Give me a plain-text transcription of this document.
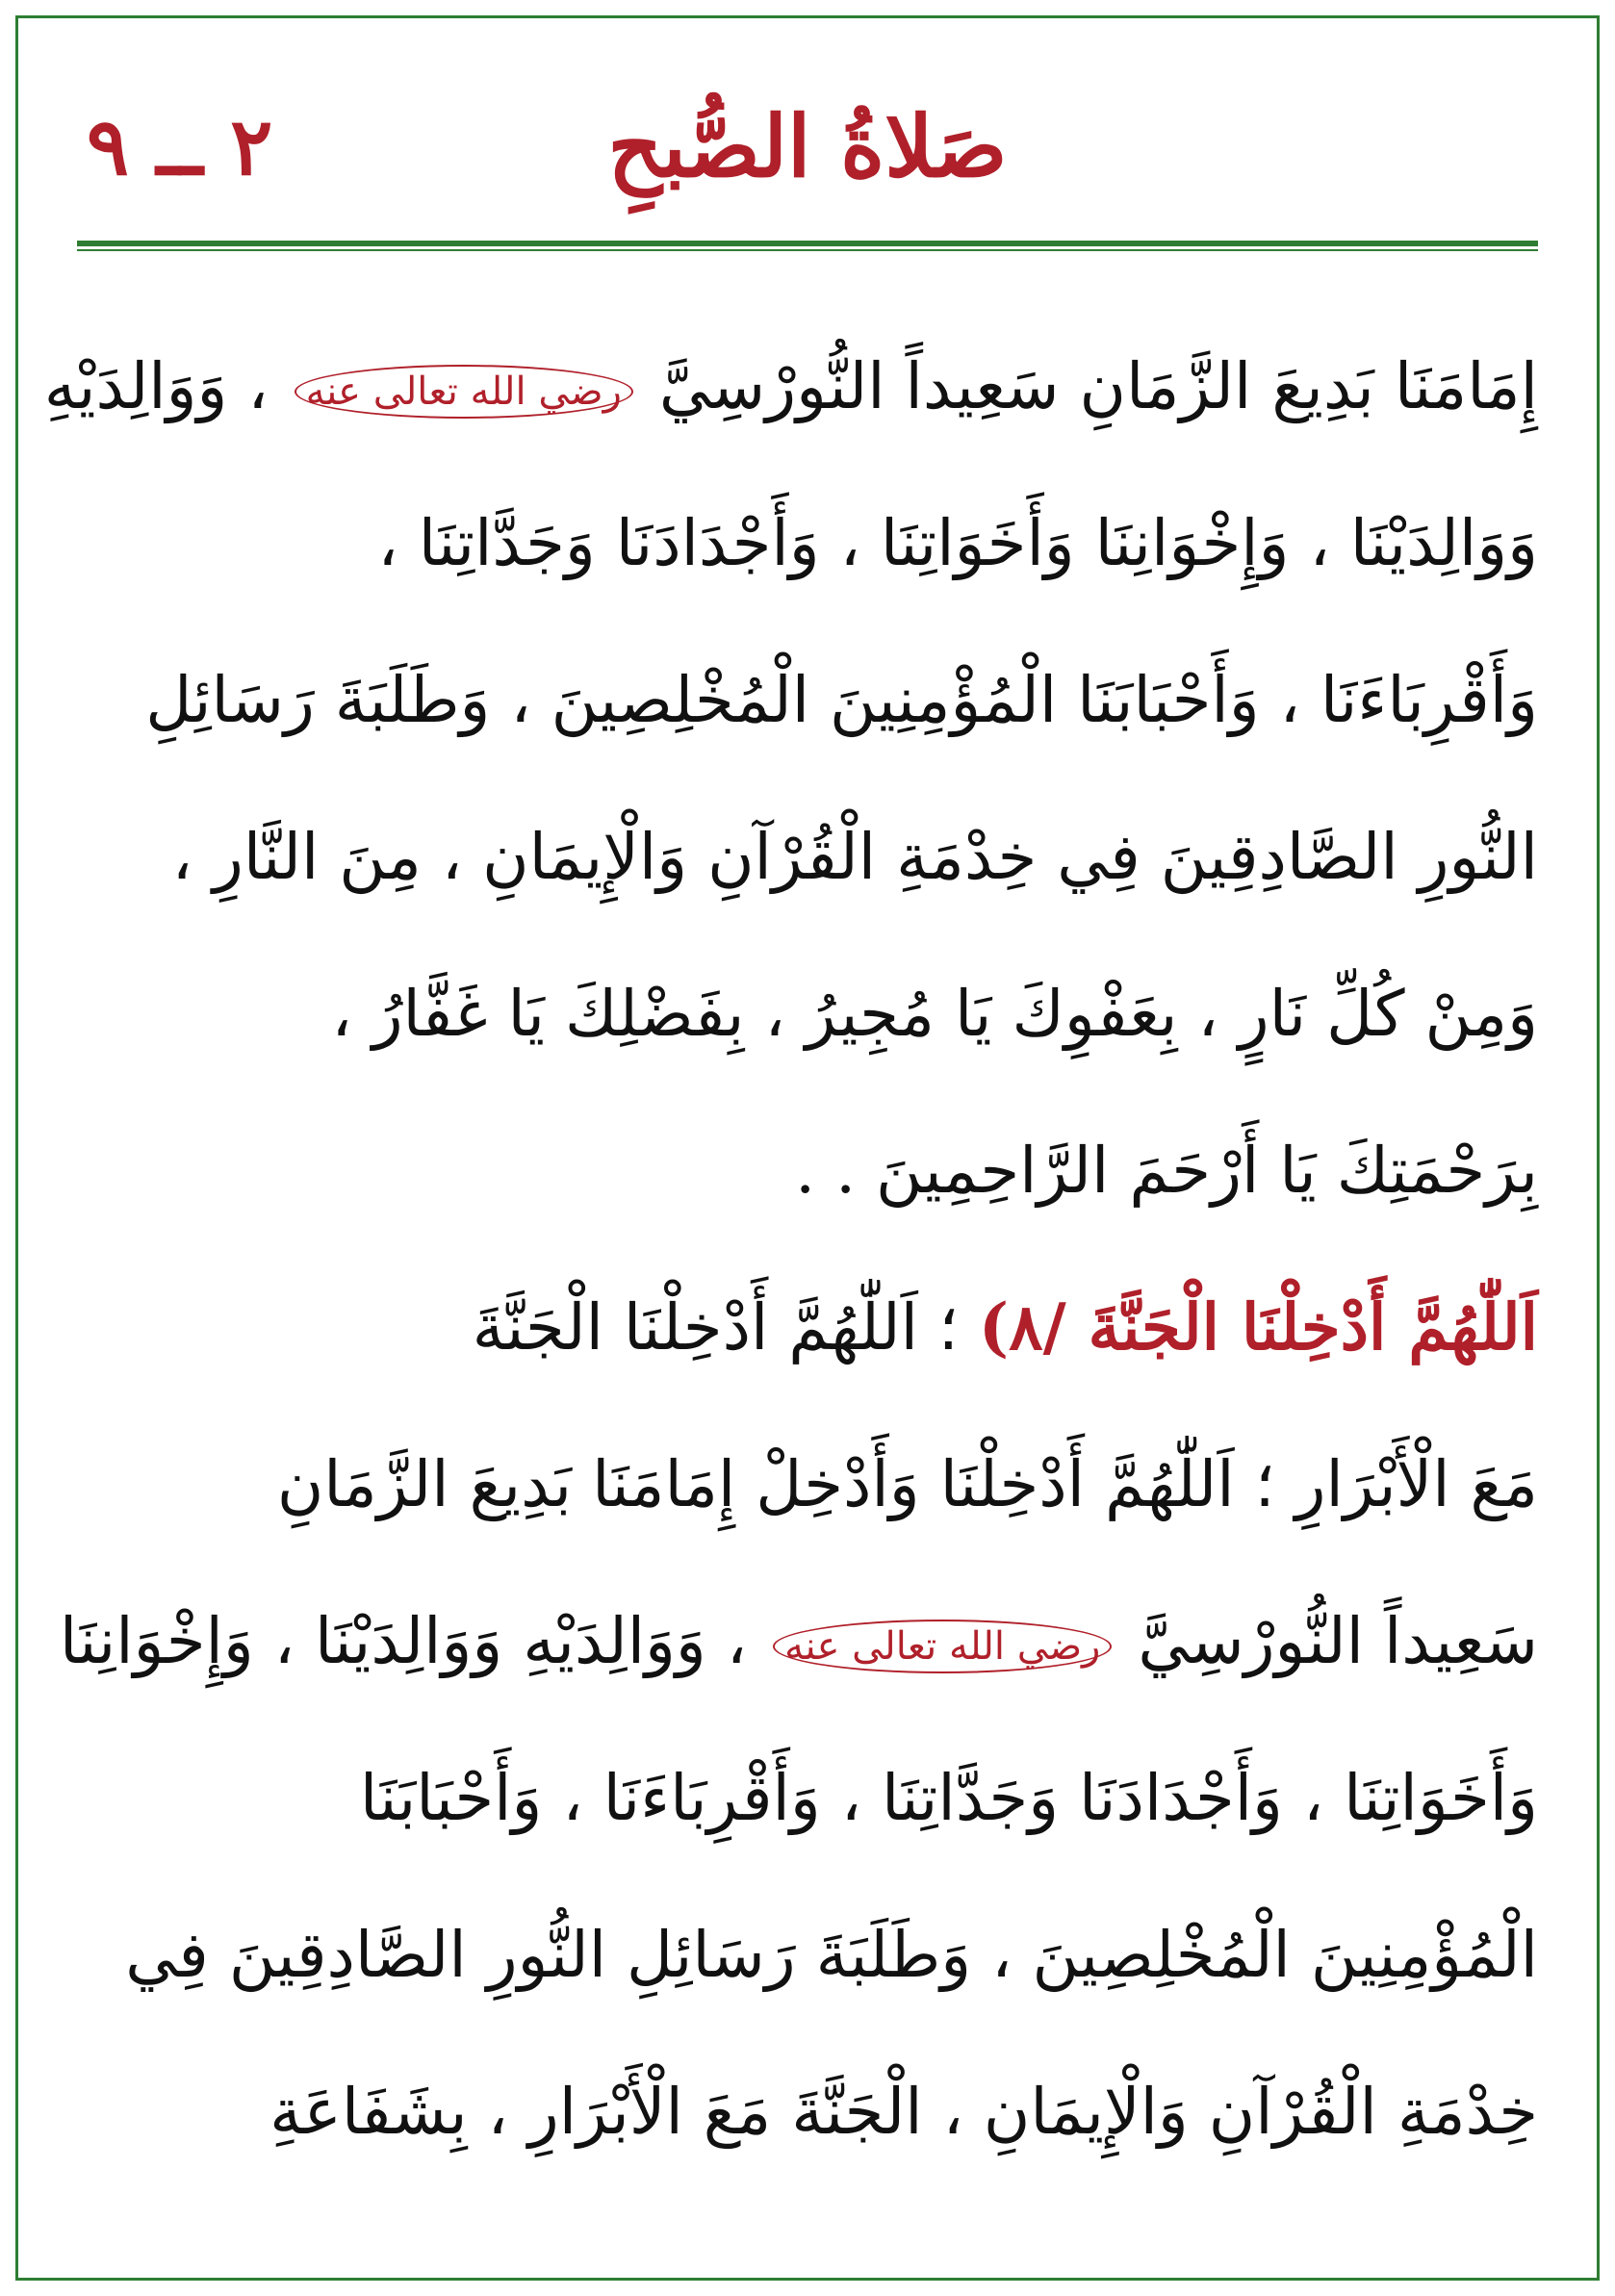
صَلاةُ الصُّبحِ
٢ ــ ٩
إِمَامَنَا بَدِيعَ الزَّمَانِ سَعِيداً النُّورْسِيَّ رضي الله تعالى عنه ، وَوَالِدَيْهِ
وَوَالِدَيْنَا ، وَإِخْوَانِنَا وَأَخَوَاتِنَا ، وَأَجْدَادَنَا وَجَدَّاتِنَا ،
وَأَقْرِبَاءَنَا ، وَأَحْبَابَنَا الْمُؤْمِنِينَ الْمُخْلِصِينَ ، وَطَلَبَةَ رَسَائِلِ
النُّورِ الصَّادِقِينَ فِي خِدْمَةِ الْقُرْآنِ وَالْإِيمَانِ ، مِنَ النَّارِ ،
وَمِنْ كُلِّ نَارٍ ، بِعَفْوِكَ يَا مُجِيرُ ، بِفَضْلِكَ يَا غَفَّارُ ،
بِرَحْمَتِكَ يَا أَرْحَمَ الرَّاحِمِينَ . .
اَللّٰهُمَّ أَدْخِلْنَا الْجَنَّةَ /٨) ؛ اَللّٰهُمَّ أَدْخِلْنَا الْجَنَّةَ
مَعَ الْأَبْرَارِ ؛ اَللّٰهُمَّ أَدْخِلْنَا وَأَدْخِلْ إِمَامَنَا بَدِيعَ الزَّمَانِ
سَعِيداً النُّورْسِيَّ رضي الله تعالى عنه ، وَوَالِدَيْهِ وَوَالِدَيْنَا ، وَإِخْوَانِنَا
وَأَخَوَاتِنَا ، وَأَجْدَادَنَا وَجَدَّاتِنَا ، وَأَقْرِبَاءَنَا ، وَأَحْبَابَنَا
الْمُؤْمِنِينَ الْمُخْلِصِينَ ، وَطَلَبَةَ رَسَائِلِ النُّورِ الصَّادِقِينَ فِي
خِدْمَةِ الْقُرْآنِ وَالْإِيمَانِ ، الْجَنَّةَ مَعَ الْأَبْرَارِ ، بِشَفَاعَةِ
